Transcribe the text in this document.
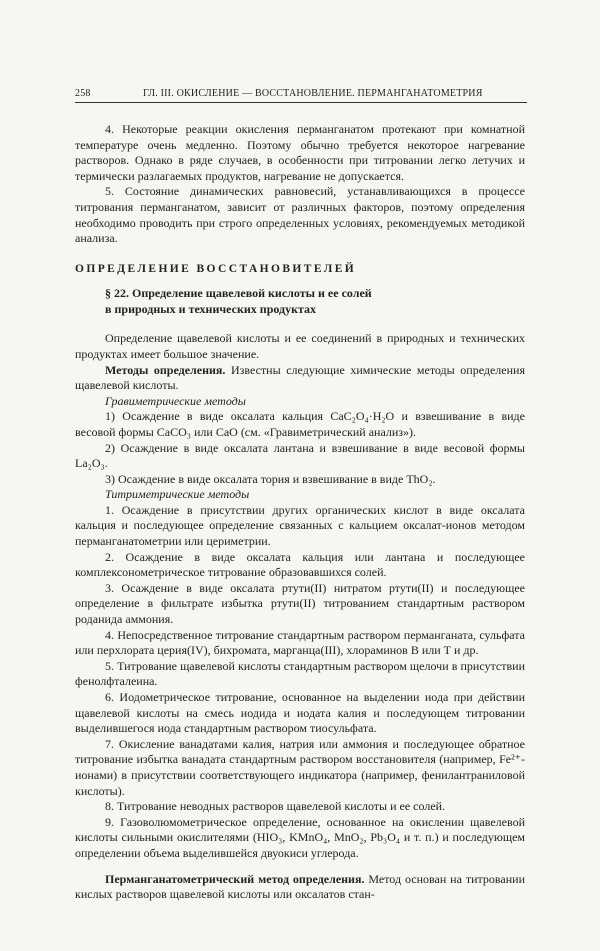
258	ГЛ. III. ОКИСЛЕНИЕ — ВОССТАНОВЛЕНИЕ. ПЕРМАНГАНАТОМЕТРИЯ

4. Некоторые реакции окисления перманганатом протекают при комнатной температуре очень медленно. Поэтому обычно требуется некоторое нагревание растворов. Однако в ряде случаев, в особенности при титровании легко летучих и термически разлагаемых продуктов, нагревание не допускается.

5. Состояние динамических равновесий, устанавливающихся в процессе титрования перманганатом, зависит от различных факторов, поэтому определения необходимо проводить при строго определенных условиях, рекомендуемых методикой анализа.

ОПРЕДЕЛЕНИЕ ВОССТАНОВИТЕЛЕЙ

§ 22. Определение щавелевой кислоты и ее солей
в природных и технических продуктах

Определение щавелевой кислоты и ее соединений в природных и технических продуктах имеет большое значение.

Методы определения. Известны следующие химические методы определения щавелевой кислоты.

Гравиметрические методы

1) Осаждение в виде оксалата кальция CaC₂O₄·H₂O и взвешивание в виде весовой формы CaCO₃ или CaO (см. «Гравиметрический анализ»).

2) Осаждение в виде оксалата лантана и взвешивание в виде весовой формы La₂O₃.

3) Осаждение в виде оксалата тория и взвешивание в виде ThO₂.

Титриметрические методы

1. Осаждение в присутствии других органических кислот в виде оксалата кальция и последующее определение связанных с кальцием оксалат-ионов методом перманганатометрии или цериметрии.

2. Осаждение в виде оксалата кальция или лантана и последующее комплексонометрическое титрование образовавшихся солей.

3. Осаждение в виде оксалата ртути(II) нитратом ртути(II) и последующее определение в фильтрате избытка ртути(II) титрованием стандартным раствором роданида аммония.

4. Непосредственное титрование стандартным раствором перманганата, сульфата или перхлората церия(IV), бихромата, марганца(III), хлораминов В или Т и др.

5. Титрование щавелевой кислоты стандартным раствором щелочи в присутствии фенолфталеина.

6. Иодометрическое титрование, основанное на выделении иода при действии щавелевой кислоты на смесь иодида и иодата калия и последующем титровании выделившегося иода стандартным раствором тиосульфата.

7. Окисление ванадатами калия, натрия или аммония и последующее обратное титрование избытка ванадата стандартным раствором восстановителя (например, Fe²⁺-ионами) в присутствии соответствующего индикатора (например, фенилантраниловой кислоты).

8. Титрование неводных растворов щавелевой кислоты и ее солей.

9. Газоволюмометрическое определение, основанное на окислении щавелевой кислоты сильными окислителями (HIO₃, KMnO₄, MnO₂, Pb₃O₄ и т. п.) и последующем определении объема выделившейся двуокиси углерода.

Перманганатометрический метод определения. Метод основан на титровании кислых растворов щавелевой кислоты или оксалатов стан-
